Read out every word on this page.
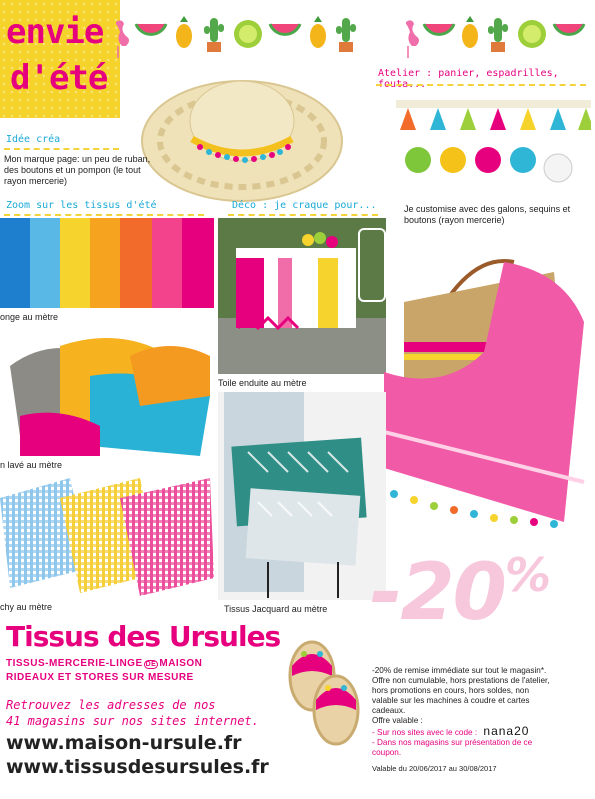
envie
d'été	Atelier : panier, espadrilles, fouta...
Idée créa
Mon marque page: un peu de ruban, des boutons et un pompon (le tout rayon mercerie)
Zoom sur les tissus d'été	Déco : je craque pour...	Je customise avec des galons, sequins et boutons (rayon mercerie)
onge au mètre
Toile enduite au mètre
n lavé au mètre
Tissus Jacquard au mètre
chy au mètre	-20%
-20% de remise immédiate sur tout le magasin*.
Offre non cumulable, hors prestations de l'atelier,
hors promotions en cours, hors soldes, non
valable sur les machines à coudre et cartes
cadeaux.
Offre valable :
- Sur nos sites avec le code : nana20
- Dans nos magasins sur présentation de ce
coupon.
Valable du 20/06/2017 au 30/08/2017
Tissus des Ursules
TISSUS-MERCERIE-LINGE DE MAISON
RIDEAUX ET STORES SUR MESURE
Retrouvez les adresses de nos
41 magasins sur nos sites internet.
www.maison-ursule.fr
www.tissusdesursules.fr
